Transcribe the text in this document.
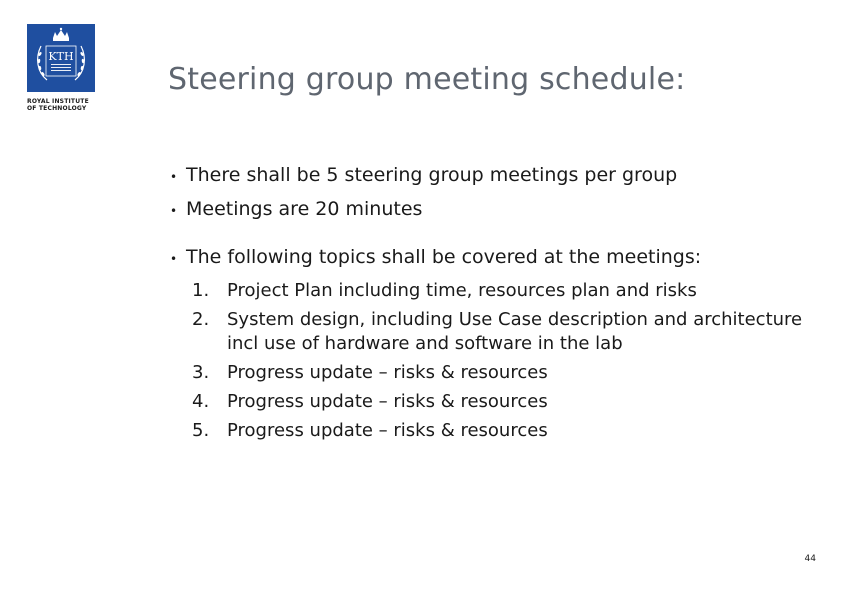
KTH
ROYAL INSTITUTE
OF TECHNOLOGY
Steering group meeting schedule:
• There shall be 5 steering group meetings per group
• Meetings are 20 minutes
• The following topics shall be covered at the meetings:
1. Project Plan including time, resources plan and risks
2. System design, including Use Case description and architecture incl use of hardware and software in the lab
3. Progress update – risks & resources
4. Progress update – risks & resources
5. Progress update – risks & resources
44
